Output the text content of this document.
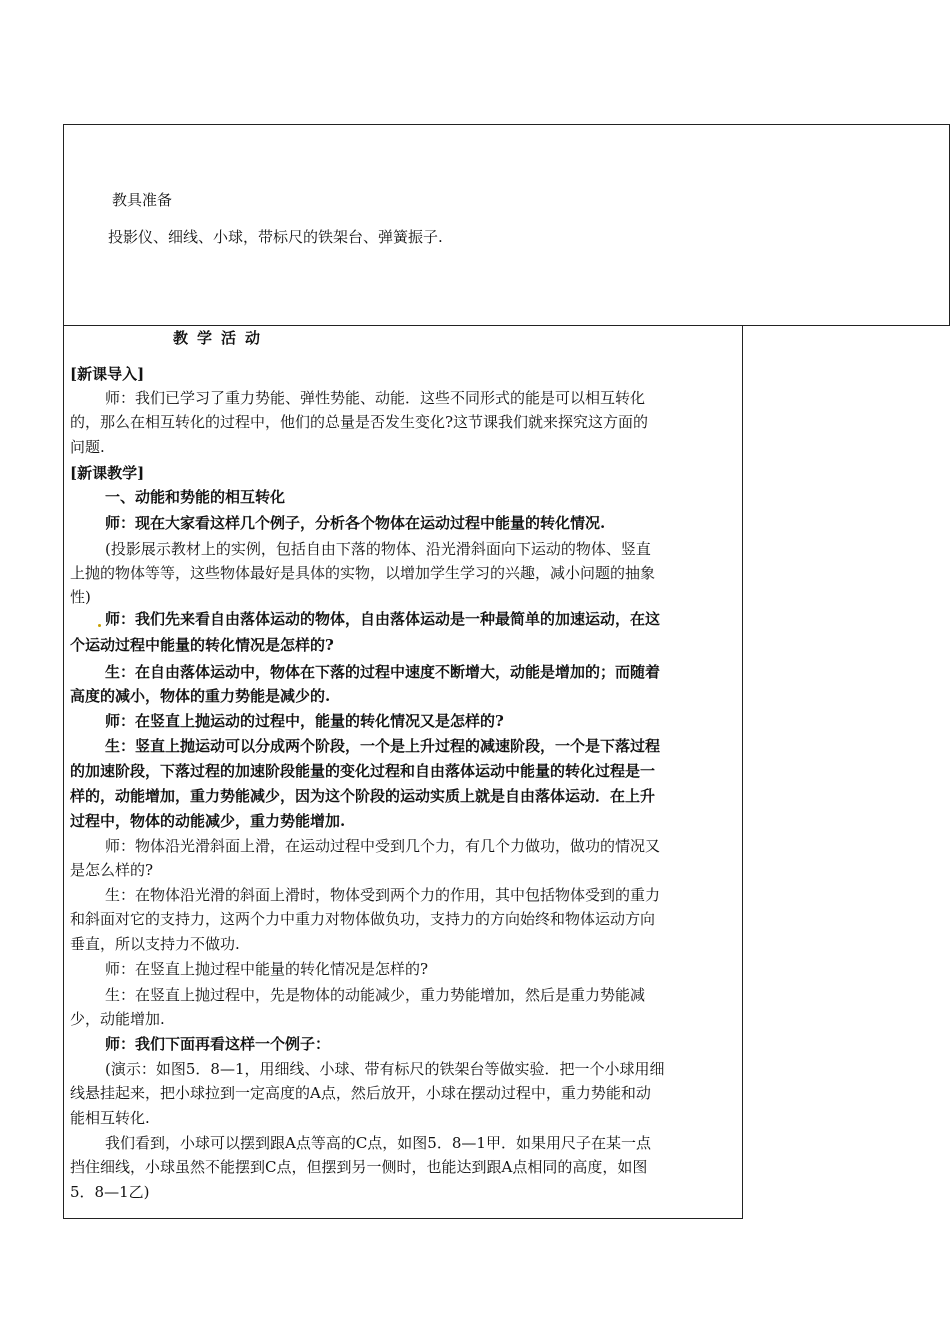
教具准备
投影仪、细线、小球，带标尺的铁架台、弹簧振子.
教学活动
[新课导入]
师：我们已学习了重力势能、弹性势能、动能．这些不同形式的能是可以相互转化
的，那么在相互转化的过程中，他们的总量是否发生变化?这节课我们就来探究这方面的
问题.
[新课教学]
一、动能和势能的相互转化
师：现在大家看这样几个例子，分析各个物体在运动过程中能量的转化情况.
(投影展示教材上的实例，包括自由下落的物体、沿光滑斜面向下运动的物体、竖直
上抛的物体等等，这些物体最好是具体的实物，以增加学生学习的兴趣，减小问题的抽象
性)
师：我们先来看自由落体运动的物体，自由落体运动是一种最简单的加速运动，在这
个运动过程中能量的转化情况是怎样的?
生：在自由落体运动中，物体在下落的过程中速度不断增大，动能是增加的；而随着
高度的减小，物体的重力势能是减少的.
师：在竖直上抛运动的过程中，能量的转化情况又是怎样的?
生：竖直上抛运动可以分成两个阶段，一个是上升过程的减速阶段，一个是下落过程
的加速阶段，下落过程的加速阶段能量的变化过程和自由落体运动中能量的转化过程是一
样的，动能增加，重力势能减少，因为这个阶段的运动实质上就是自由落体运动．在上升
过程中，物体的动能减少，重力势能增加.
师：物体沿光滑斜面上滑，在运动过程中受到几个力，有几个力做功，做功的情况又
是怎么样的?
生：在物体沿光滑的斜面上滑时，物体受到两个力的作用，其中包括物体受到的重力
和斜面对它的支持力，这两个力中重力对物体做负功，支持力的方向始终和物体运动方向
垂直，所以支持力不做功.
师：在竖直上抛过程中能量的转化情况是怎样的?
生：在竖直上抛过程中，先是物体的动能减少，重力势能增加，然后是重力势能减
少，动能增加.
师：我们下面再看这样一个例子：
(演示：如图5．8—1，用细线、小球、带有标尺的铁架台等做实验．把一个小球用细
线悬挂起来，把小球拉到一定高度的A点，然后放开，小球在摆动过程中，重力势能和动
能相互转化.
我们看到，小球可以摆到跟A点等高的C点，如图5．8—1甲．如果用尺子在某一点
挡住细线，小球虽然不能摆到C点，但摆到另一侧时，也能达到跟A点相同的高度，如图
5．8—1乙)
